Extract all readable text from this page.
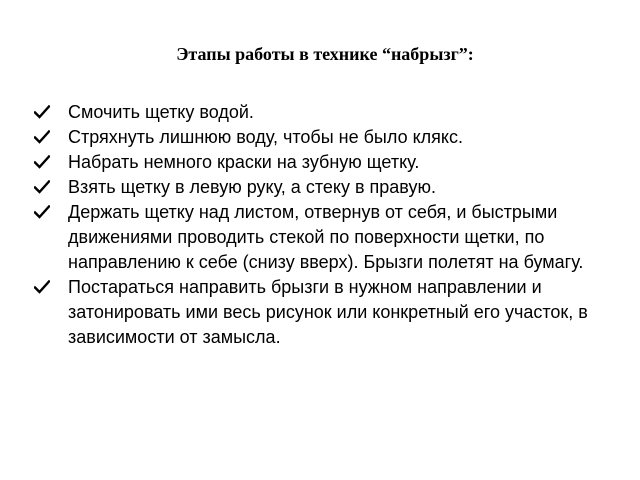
Этапы работы в технике “набрызг”:
Смочить щетку водой.
Стряхнуть лишнюю воду, чтобы не было клякс.
Набрать немного краски на зубную щетку.
Взять щетку в левую руку, а стеку в правую.
Держать щетку над листом, отвернув от себя, и быстрыми движениями проводить стекой по поверхности щетки, по направлению к себе (снизу вверх). Брызги полетят на бумагу.
Постараться направить брызги в нужном направлении и затонировать ими весь рисунок или конкретный его участок, в зависимости от замысла.
